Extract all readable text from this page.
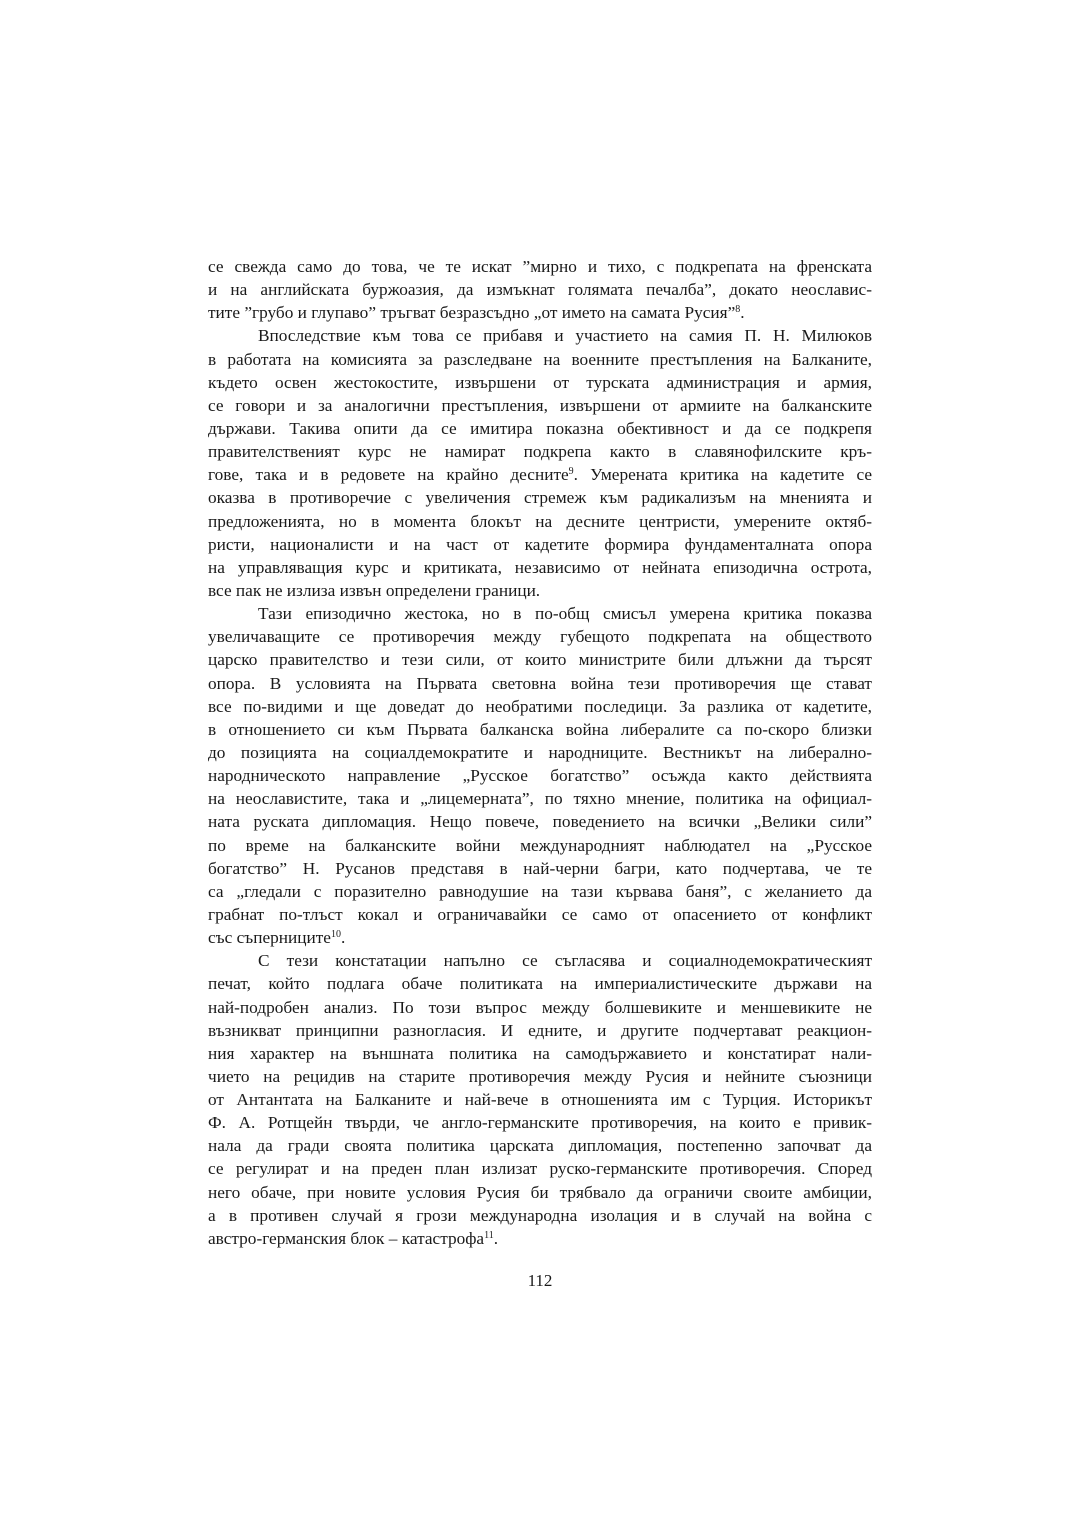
се свежда само до това, че те искат ”мирно и тихо, с подкрепата на френската
и на английската буржоазия, да измъкнат голямата печалба”, докато неославис-
тите ”грубо и глупаво” тръгват безразсъдно „от името на самата Русия”$^8$.
Впоследствие към това се прибавя и участието на самия П. Н. Милюков
в работата на комисията за разследване на военните престъпления на Балканите,
където освен жестокостите, извършени от турската администрация и армия,
се говори и за аналогични престъпления, извършени от армиите на балканските
държави. Такива опити да се имитира показна обективност и да се подкрепя
правителственият курс не намират подкрепа както в славянофилските кръ-
гове, така и в редовете на крайно десните$^9$. Умерената критика на кадетите се
оказва в противоречие с увеличения стремеж към радикализъм на мненията и
предложенията, но в момента блокът на десните центристи, умерените октяб-
ристи, националисти и на част от кадетите формира фундаменталната опора
на управляващия курс и критиката, независимо от нейната епизодична острота,
все пак не излиза извън определени граници.
Тази епизодично жестока, но в по-общ смисъл умерена критика показва
увеличаващите се противоречия между губещото подкрепата на обществото
царско правителство и тези сили, от които министрите били длъжни да търсят
опора. В условията на Първата световна война тези противоречия ще стават
все по-видими и ще доведат до необратими последици. За разлика от кадетите,
в отношението си към Първата балканска война либералите са по-скоро близки
до позицията на социалдемократите и народниците. Вестникът на либерално-
народническото направление „Русское богатство” осъжда както действията
на неославистите, така и „лицемерната”, по тяхно мнение, политика на официал-
ната руската дипломация. Нещо повече, поведението на всички „Велики сили”
по време на балканските войни международният наблюдател на „Русское
богатство” Н. Русанов представя в най-черни багри, като подчертава, че те
са „гледали с поразително равнодушие на тази кървава баня”, с желанието да
грабнат по-тлъст кокал и ограничавайки се само от опасението от конфликт
със съперниците$^{10}$.
С тези констатации напълно се съгласява и социалнодемократическият
печат, който подлага обаче политиката на империалистическите държави на
най-подробен анализ. По този въпрос между болшевиките и меншевиките не
възникват принципни разногласия. И едните, и другите подчертават реакцион-
ния характер на външната политика на самодържавието и констатират нали-
чието на рецидив на старите противоречия между Русия и нейните съюзници
от Антантата на Балканите и най-вече в отношенията им с Турция. Историкът
Ф. А. Ротщейн твърди, че англо-германските противоречия, на които е привик-
нала да гради своята политика царската дипломация, постепенно започват да
се регулират и на преден план излизат руско-германските противоречия. Според
него обаче, при новите условия Русия би трябвало да ограничи своите амбиции,
а в противен случай я грози международна изолация и в случай на война с
австро-германския блок – катастрофа$^{11}$.
112
